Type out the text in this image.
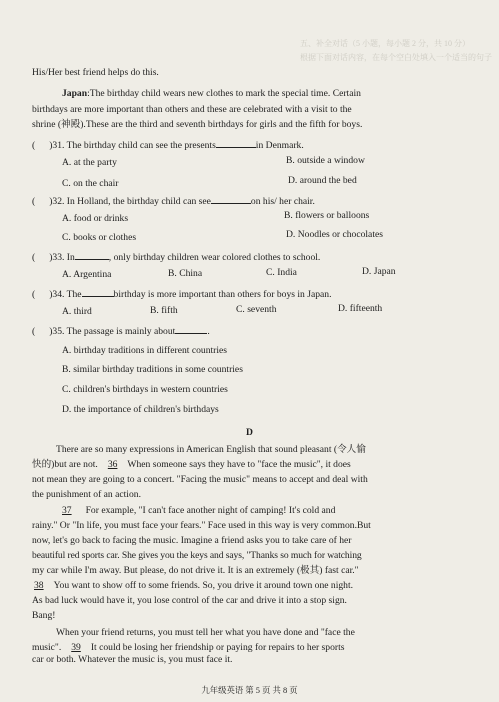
五、补全对话（5 小题，每小题 2 分，共 10 分）
根据下面对话内容，在每个空白处填入一个适当的句子
His/Her best friend helps do this.
Japan:The birthday child wears new clothes to mark the special time. Certain
birthdays are more important than others and these are celebrated with a visit to the
shrine (神殿).These are the third and seventh birthdays for girls and the fifth for boys.
( )31. The birthday child can see the presents	in Denmark.
A. at the party	B. outside a window
C. on the chair	D. around the bed
( )32. In Holland, the birthday child can see	on his/ her chair.
A. food or drinks	B. flowers or balloons
C. books or clothes	D. Noodles or chocolates
( )33. In	, only birthday children wear colored clothes to school.
A. Argentina	B. China	C. India	D. Japan
( )34. The	birthday is more important than others for boys in Japan.
A. third	B. fifth	C. seventh	D. fifteenth
( )35. The passage is mainly about	.
A. birthday traditions in different countries
B. similar birthday traditions in some countries
C. children's birthdays in western countries
D. the importance of children's birthdays
D
There are so many expressions in American English that sound pleasant (令人愉
快的)but are not. 36 When someone says they have to "face the music", it does
not mean they are going to a concert. "Facing the music" means to accept and deal with
the punishment of an action.
37 For example, "I can't face another night of camping! It's cold and
rainy." Or "In life, you must face your fears." Face used in this way is very common.But
now, let's go back to facing the music. Imagine a friend asks you to take care of her
beautiful red sports car. She gives you the keys and says, "Thanks so much for watching
my car while I'm away. But please, do not drive it. It is an extremely (极其) fast car."
38 You want to show off to some friends. So, you drive it around town one night.
As bad luck would have it, you lose control of the car and drive it into a stop sign.
Bang!
When your friend returns, you must tell her what you have done and "face the
music". 39 It could be losing her friendship or paying for repairs to her sports
car or both. Whatever the music is, you must face it.
九年级英语 第 5 页 共 8 页
